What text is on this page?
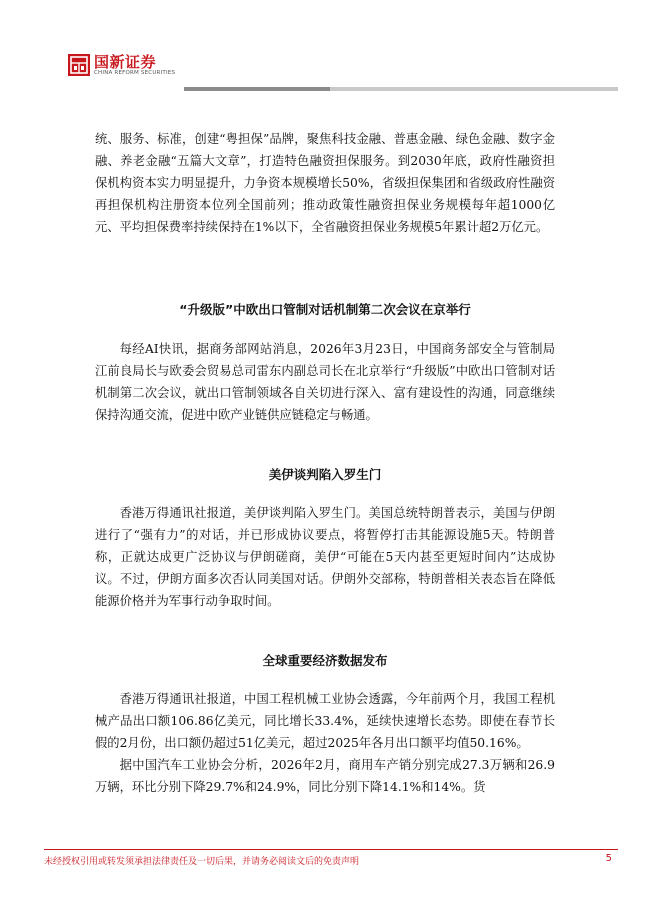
国新证券
CHINA REFORM SECURITIES

统、服务、标准，创建“粤担保”品牌，聚焦科技金融、普惠金融、绿色金融、数字金融、养老金融“五篇大文章”，打造特色融资担保服务。到2030年底，政府性融资担保机构资本实力明显提升，力争资本规模增长50%，省级担保集团和省级政府性融资再担保机构注册资本位列全国前列；推动政策性融资担保业务规模每年超1000亿元、平均担保费率持续保持在1%以下，全省融资担保业务规模5年累计超2万亿元。

“升级版”中欧出口管制对话机制第二次会议在京举行

每经AI快讯，据商务部网站消息，2026年3月23日，中国商务部安全与管制局江前良局长与欧委会贸易总司雷东内副总司长在北京举行“升级版”中欧出口管制对话机制第二次会议，就出口管制领域各自关切进行深入、富有建设性的沟通，同意继续保持沟通交流，促进中欧产业链供应链稳定与畅通。

美伊谈判陷入罗生门

香港万得通讯社报道，美伊谈判陷入罗生门。美国总统特朗普表示，美国与伊朗进行了“强有力”的对话，并已形成协议要点，将暂停打击其能源设施5天。特朗普称，正就达成更广泛协议与伊朗磋商，美伊“可能在5天内甚至更短时间内”达成协议。不过，伊朗方面多次否认同美国对话。伊朗外交部称，特朗普相关表态旨在降低能源价格并为军事行动争取时间。

全球重要经济数据发布

香港万得通讯社报道，中国工程机械工业协会透露，今年前两个月，我国工程机械产品出口额106.86亿美元，同比增长33.4%，延续快速增长态势。即使在春节长假的2月份，出口额仍超过51亿美元，超过2025年各月出口额平均值50.16%。

据中国汽车工业协会分析，2026年2月，商用车产销分别完成27.3万辆和26.9万辆，环比分别下降29.7%和24.9%，同比分别下降14.1%和14%。货

未经授权引用或转发须承担法律责任及一切后果，并请务必阅读文后的免责声明	5
